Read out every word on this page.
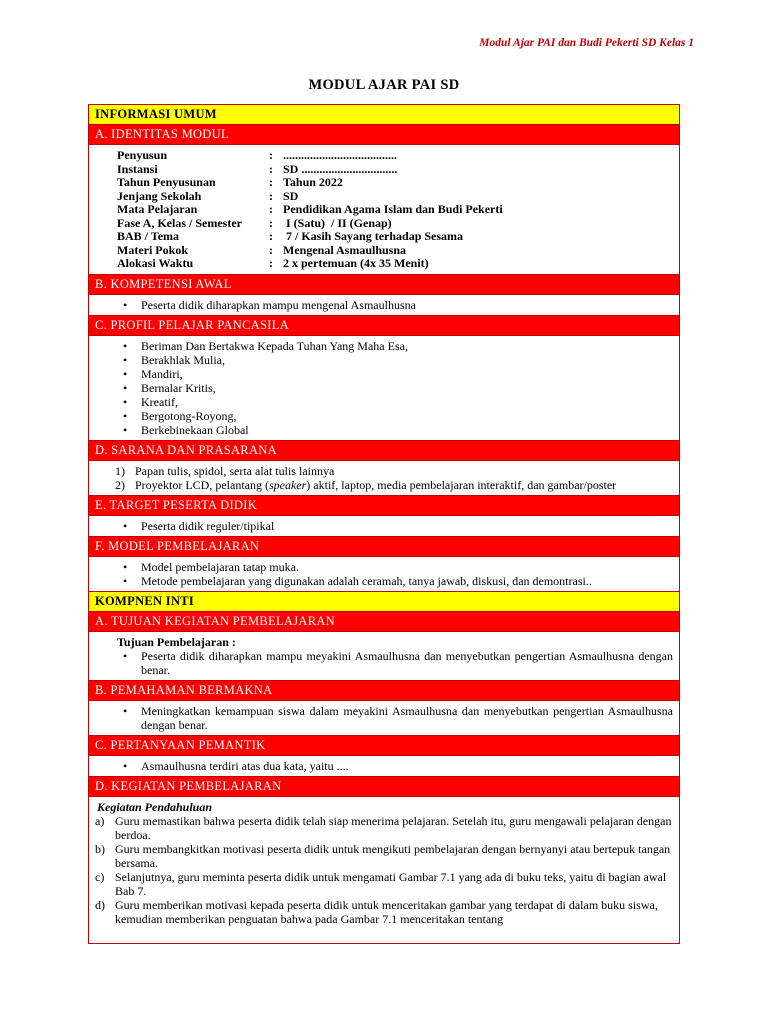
Modul Ajar PAI dan Budi Pekerti SD Kelas 1
MODUL AJAR PAI SD
INFORMASI UMUM
A. IDENTITAS MODUL
Penyusun	: ......................................
Instansi	: SD ................................
Tahun Penyusunan	: Tahun 2022
Jenjang Sekolah	: SD
Mata Pelajaran	: Pendidikan Agama Islam dan Budi Pekerti
Fase A, Kelas / Semester	: I (Satu)  / II (Genap)
BAB / Tema	: 7 / Kasih Sayang terhadap Sesama
Materi Pokok	: Mengenal Asmaulhusna
Alokasi Waktu	: 2 x pertemuan (4x 35 Menit)
B. KOMPETENSI AWAL
• Peserta didik diharapkan mampu mengenal Asmaulhusna
C. PROFIL PELAJAR PANCASILA
• Beriman Dan Bertakwa Kepada Tuhan Yang Maha Esa,
• Berakhlak Mulia,
• Mandiri,
• Bernalar Kritis,
• Kreatif,
• Bergotong-Royong,
• Berkebinekaan Global
D. SARANA DAN PRASARANA
1) Papan tulis, spidol, serta alat tulis lainnya
2) Proyektor LCD, pelantang (speaker) aktif, laptop, media pembelajaran interaktif, dan gambar/poster
E. TARGET PESERTA DIDIK
• Peserta didik reguler/tipikal
F. MODEL PEMBELAJARAN
• Model pembelajaran tatap muka.
• Metode pembelajaran yang digunakan adalah ceramah, tanya jawab, diskusi, dan demontrasi..
KOMPNEN INTI
A. TUJUAN KEGIATAN PEMBELAJARAN
Tujuan Pembelajaran :
• Peserta didik diharapkan mampu meyakini Asmaulhusna dan menyebutkan pengertian Asmaulhusna dengan benar.
B. PEMAHAMAN BERMAKNA
• Meningkatkan kemampuan siswa dalam meyakini Asmaulhusna dan menyebutkan pengertian Asmaulhusna dengan benar.
C. PERTANYAAN PEMANTIK
• Asmaulhusna terdiri atas dua kata, yaitu ....
D. KEGIATAN PEMBELAJARAN
Kegiatan Pendahuluan
a) Guru memastikan bahwa peserta didik telah siap menerima pelajaran. Setelah itu, guru mengawali pelajaran dengan berdoa.
b) Guru membangkitkan motivasi peserta didik untuk mengikuti pembelajaran dengan bernyanyi atau bertepuk tangan bersama.
c) Selanjutnya, guru meminta peserta didik untuk mengamati Gambar 7.1 yang ada di buku teks, yaitu di bagian awal Bab 7.
d) Guru memberikan motivasi kepada peserta didik untuk menceritakan gambar yang terdapat di dalam buku siswa, kemudian memberikan penguatan bahwa pada Gambar 7.1 menceritakan tentang
